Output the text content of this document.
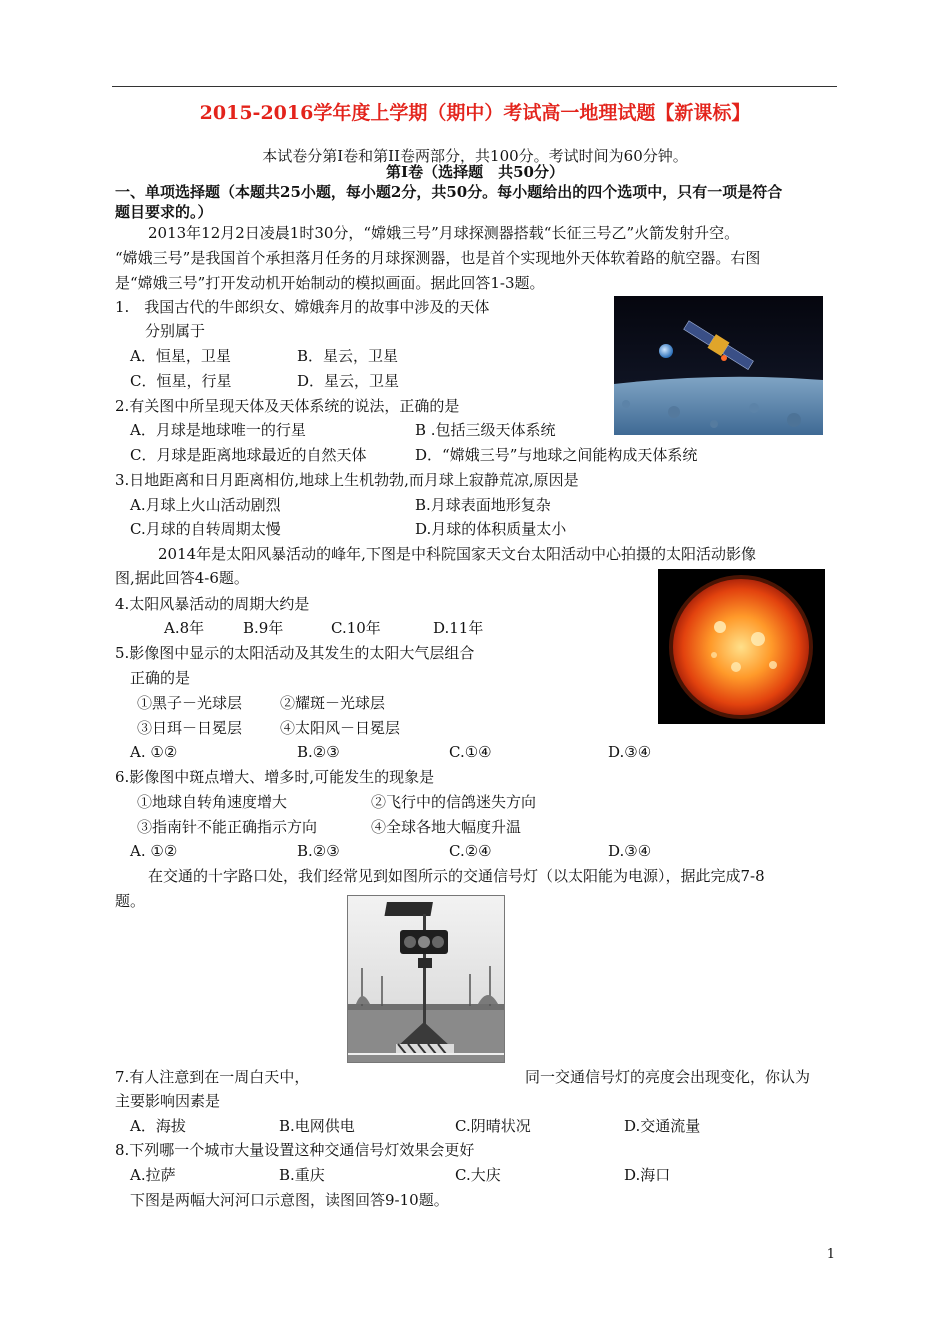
2015-2016学年度上学期（期中）考试高一地理试题【新课标】
本试卷分第Ⅰ卷和第II卷两部分，共100分。考试时间为60分钟。
第Ⅰ卷（选择题　共50分）
一、单项选择题（本题共25小题，每小题2分，共50分。每小题给出的四个选项中，只有一项是符合
题目要求的。）
2013年12月2日凌晨1时30分，“嫦娥三号”月球探测器搭载“长征三号乙”火箭发射升空。
“嫦娥三号”是我国首个承担落月任务的月球探测器，也是首个实现地外天体软着路的航空器。右图
是“嫦娥三号”打开发动机开始制动的模拟画面。据此回答1-3题。
1.　我国古代的牛郎织女、嫦娥奔月的故事中涉及的天体
分别属于
A．恒星，卫星	B．星云，卫星
C．恒星，行星	D．星云，卫星
2.有关图中所呈现天体及天体系统的说法，正确的是
A．月球是地球唯一的行星	B .包括三级天体系统
C．月球是距离地球最近的自然天体	D．“嫦娥三号”与地球之间能构成天体系统
3.日地距离和日月距离相仿,地球上生机勃勃,而月球上寂静荒凉,原因是
A.月球上火山活动剧烈	B.月球表面地形复杂
C.月球的自转周期太慢	D.月球的体积质量太小
2014年是太阳风暴活动的峰年,下图是中科院国家天文台太阳活动中心拍摄的太阳活动影像
图,据此回答4-6题。
4.太阳风暴活动的周期大约是
A.8年	B.9年	C.10年	D.11年
5.影像图中显示的太阳活动及其发生的太阳大气层组合
正确的是
①黑子－光球层	②耀斑－光球层
③日珥－日冕层	④太阳风－日冕层
A. ①②	B.②③	C.①④	D.③④
6.影像图中斑点增大、增多时,可能发生的现象是
①地球自转角速度增大	②飞行中的信鸽迷失方向
③指南针不能正确指示方向	④全球各地大幅度升温
A. ①②	B.②③	C.②④	D.③④
在交通的十字路口处，我们经常见到如图所示的交通信号灯（以太阳能为电源），据此完成7-8
题。
7.有人注意到在一周白天中，	同一交通信号灯的亮度会出现变化，你认为
主要影响因素是
A．海拔	B.电网供电	C.阴晴状况	D.交通流量
8.下列哪一个城市大量设置这种交通信号灯效果会更好
A.拉萨	B.重庆	C.大庆	D.海口
下图是两幅大河河口示意图，读图回答9-10题。
1
